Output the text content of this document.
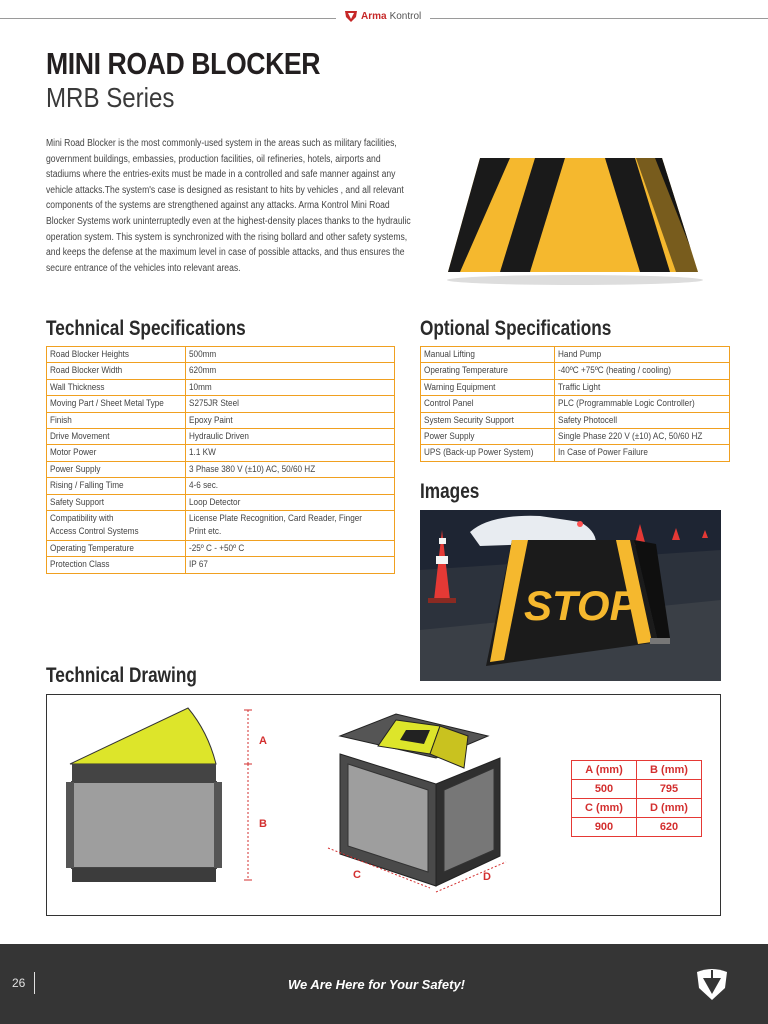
Arma Kontrol
MINI ROAD BLOCKER
MRB Series
Mini Road Blocker is the most commonly-used system in the areas such as military facilities, government buildings, embassies, production facilities, oil refineries, hotels, airports and stadiums where the entries-exits must be made in a controlled and safe manner against any vehicle attacks.The system's case is designed as resistant to hits by vehicles , and all relevant components of the systems are strengthened against any attacks. Arma Kontrol Mini Road Blocker Systems work uninterruptedly even at the highest-density places thanks to the hydraulic operation system. This system is synchronized with the rising bollard and other safety systems, and keeps the defense at the maximum level in case of possible attacks, and thus ensures the secure entrance of the vehicles into relevant areas.
Technical Specifications
Road Blocker Heights	500mm
Road Blocker Width	620mm
Wall Thickness	10mm
Moving Part / Sheet Metal Type	S275JR Steel
Finish	Epoxy Paint
Drive Movement	Hydraulic Driven
Motor Power	1.1 KW
Power Supply	3 Phase 380 V (±10) AC, 50/60 HZ
Rising / Falling Time	4-6 sec.
Safety Support	Loop Detector
Compatibility with
Access Control Systems	License Plate Recognition, Card Reader, Finger
Print etc.
Operating Temperature	-25º C - +50º C
Protection Class	IP 67
Optional Specifications
Manual Lifting	Hand Pump
Operating Temperature	-40ºC +75ºC (heating / cooling)
Warning Equipment	Traffic Light
Control Panel	PLC (Programmable Logic Controller)
System Security Support	Safety Photocell
Power Supply	Single Phase 220 V (±10) AC, 50/60 HZ
UPS (Back-up Power System)	In Case of Power Failure
Images
STOP
Technical Drawing
A
B
C	D
A (mm)	B (mm)
500	795
C (mm)	D (mm)
900	620
26	We Are Here for Your Safety!
